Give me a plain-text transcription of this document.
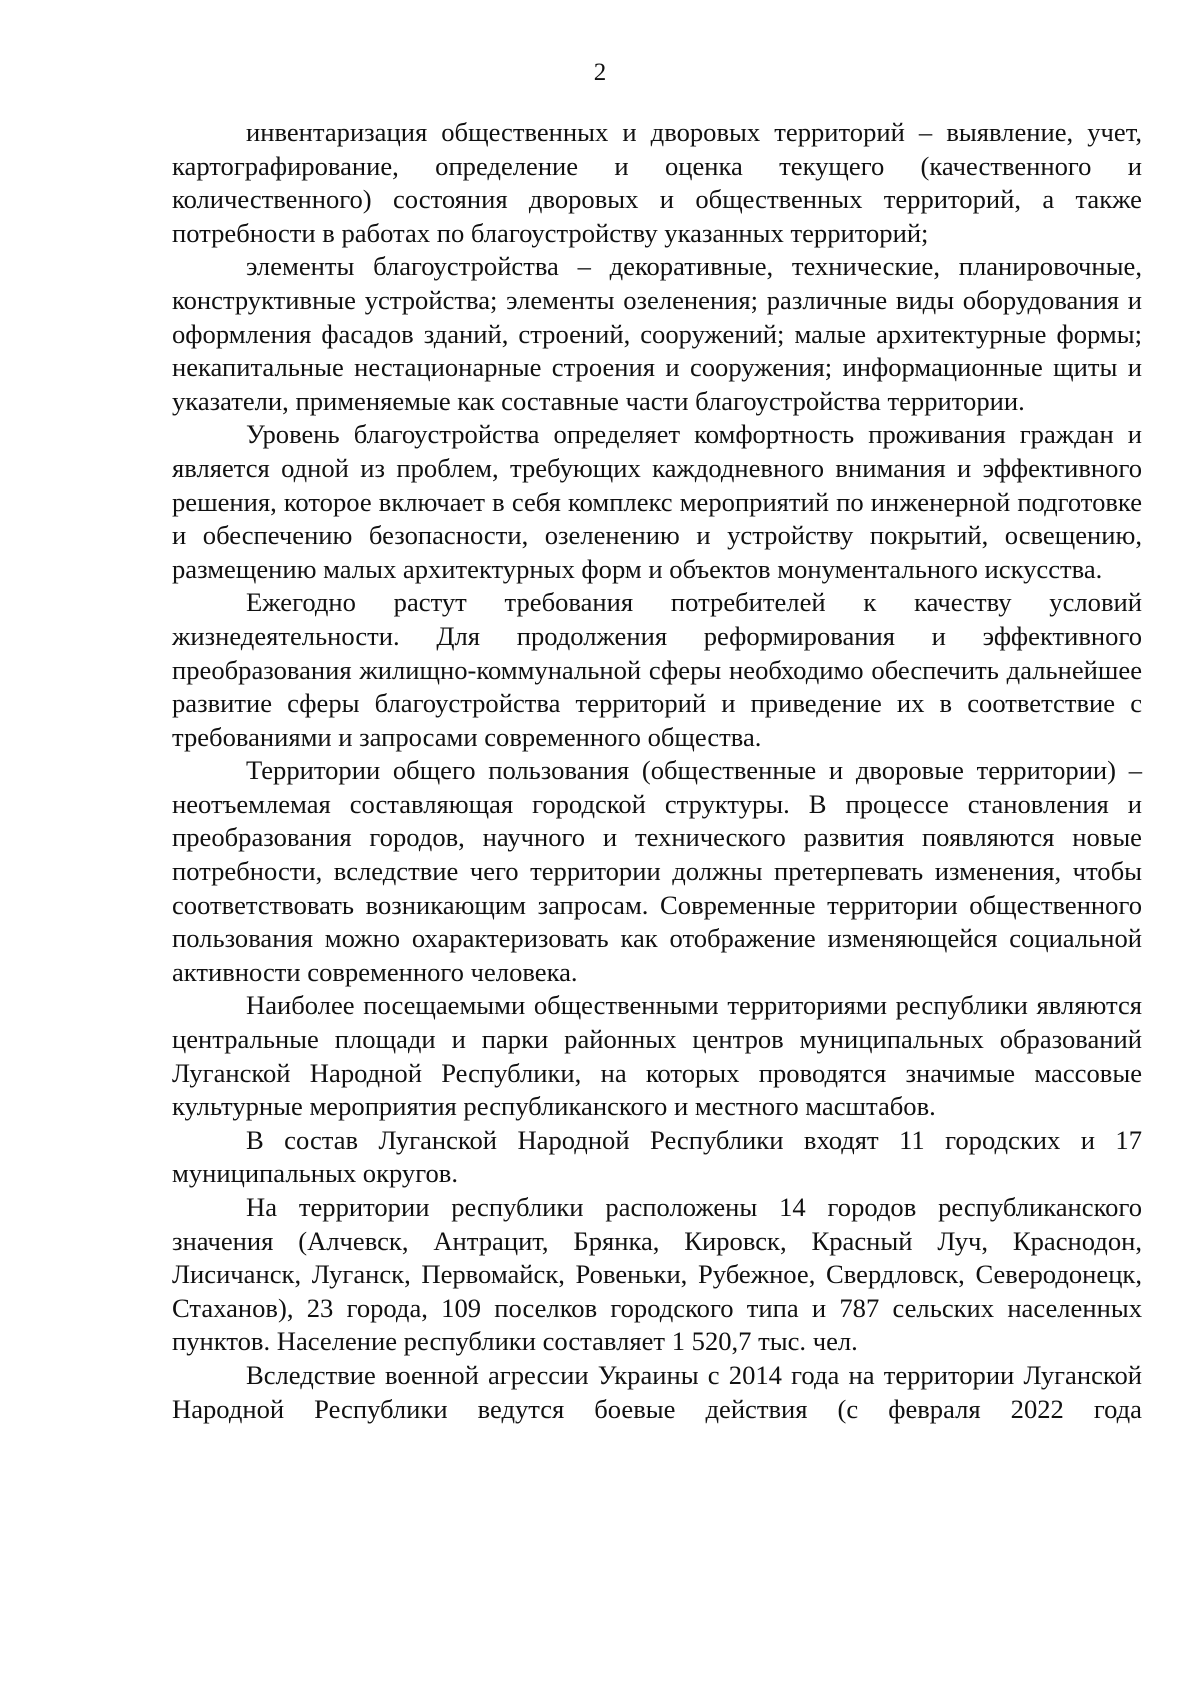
2

инвентаризация общественных и дворовых территорий – выявление, учет, картографирование, определение и оценка текущего (качественного и количественного) состояния дворовых и общественных территорий, а также потребности в работах по благоустройству указанных территорий;

элементы благоустройства – декоративные, технические, планировочные, конструктивные устройства; элементы озеленения; различные виды оборудования и оформления фасадов зданий, строений, сооружений; малые архитектурные формы; некапитальные нестационарные строения и сооружения; информационные щиты и указатели, применяемые как составные части благоустройства территории.

Уровень благоустройства определяет комфортность проживания граждан и является одной из проблем, требующих каждодневного внимания и эффективного решения, которое включает в себя комплекс мероприятий по инженерной подготовке и обеспечению безопасности, озеленению и устройству покрытий, освещению, размещению малых архитектурных форм и объектов монументального искусства.

Ежегодно растут требования потребителей к качеству условий жизнедеятельности. Для продолжения реформирования и эффективного преобразования жилищно-коммунальной сферы необходимо обеспечить дальнейшее развитие сферы благоустройства территорий и приведение их в соответствие с требованиями и запросами современного общества.

Территории общего пользования (общественные и дворовые территории) – неотъемлемая составляющая городской структуры. В процессе становления и преобразования городов, научного и технического развития появляются новые потребности, вследствие чего территории должны претерпевать изменения, чтобы соответствовать возникающим запросам. Современные территории общественного пользования можно охарактеризовать как отображение изменяющейся социальной активности современного человека.

Наиболее посещаемыми общественными территориями республики являются центральные площади и парки районных центров муниципальных образований Луганской Народной Республики, на которых проводятся значимые массовые культурные мероприятия республиканского и местного масштабов.

В состав Луганской Народной Республики входят 11 городских и 17 муниципальных округов.

На территории республики расположены 14 городов республиканского значения (Алчевск, Антрацит, Брянка, Кировск, Красный Луч, Краснодон, Лисичанск, Луганск, Первомайск, Ровеньки, Рубежное, Свердловск, Северодонецк, Стаханов), 23 города, 109 поселков городского типа и 787 сельских населенных пунктов. Население республики составляет 1 520,7 тыс. чел.

Вследствие военной агрессии Украины с 2014 года на территории Луганской Народной Республики ведутся боевые действия (с февраля 2022 года
